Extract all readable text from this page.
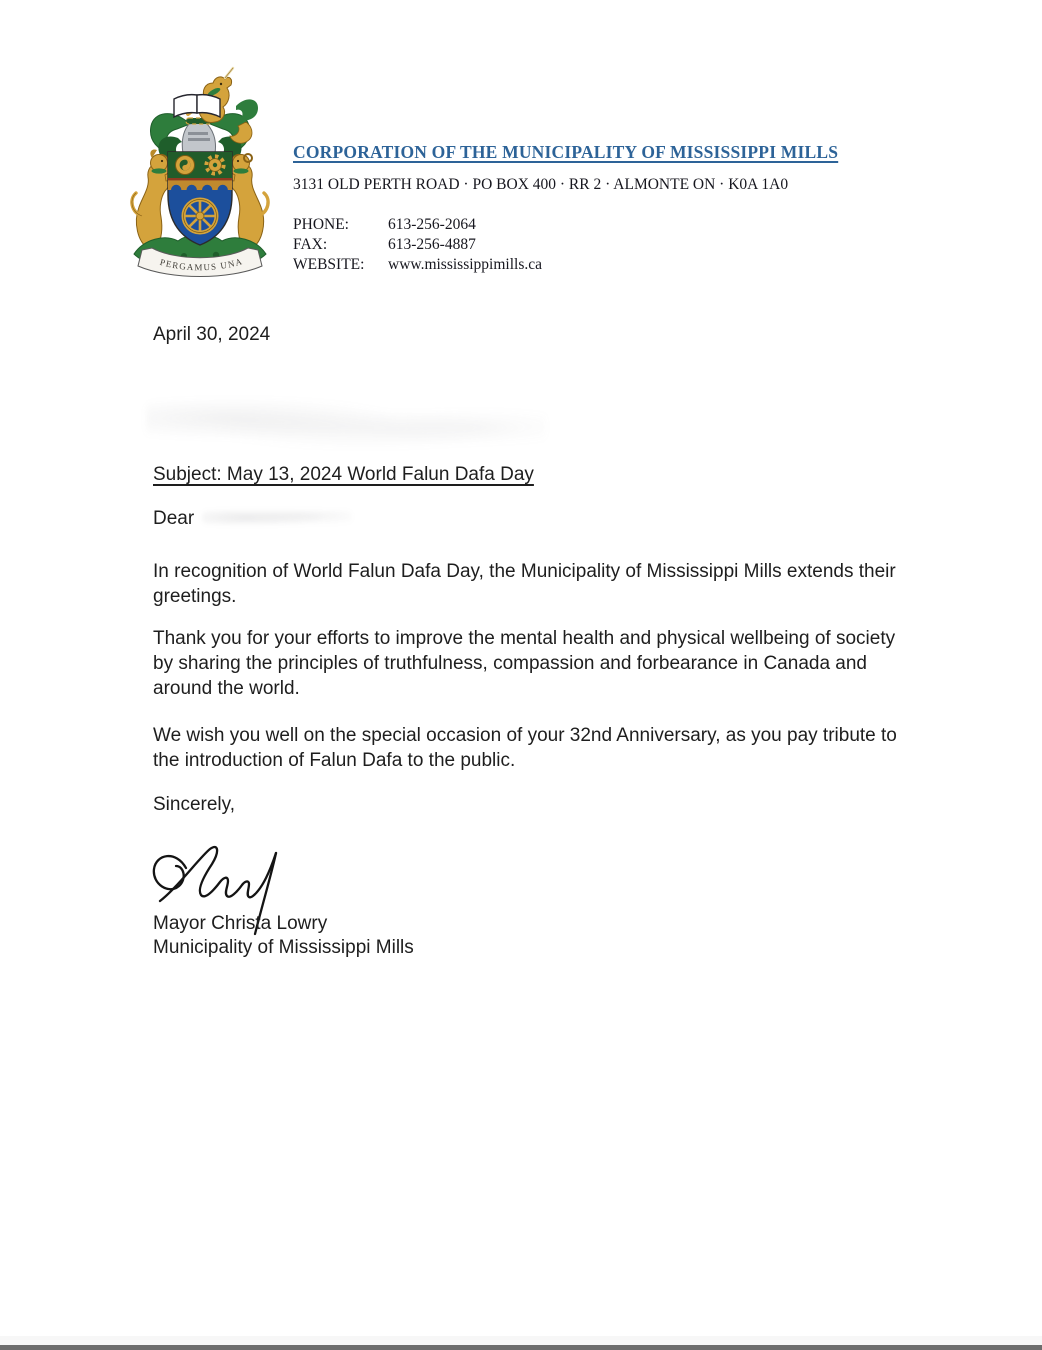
PERGAMUS UNA
CORPORATION OF THE MUNICIPALITY OF MISSISSIPPI MILLS
3131 OLD PERTH ROAD · PO BOX 400 · RR 2 · ALMONTE ON · K0A 1A0
PHONE:	613-256-2064
FAX:	613-256-4887
WEBSITE:	www.mississippimills.ca
April 30, 2024
Subject: May 13, 2024 World Falun Dafa Day
Dear
In recognition of World Falun Dafa Day, the Municipality of Mississippi Mills extends their greetings.
Thank you for your efforts to improve the mental health and physical wellbeing of society by sharing the principles of truthfulness, compassion and forbearance in Canada and around the world.
We wish you well on the special occasion of your 32nd Anniversary, as you pay tribute to the introduction of Falun Dafa to the public.
Sincerely,
Mayor Christa Lowry
Municipality of Mississippi Mills
